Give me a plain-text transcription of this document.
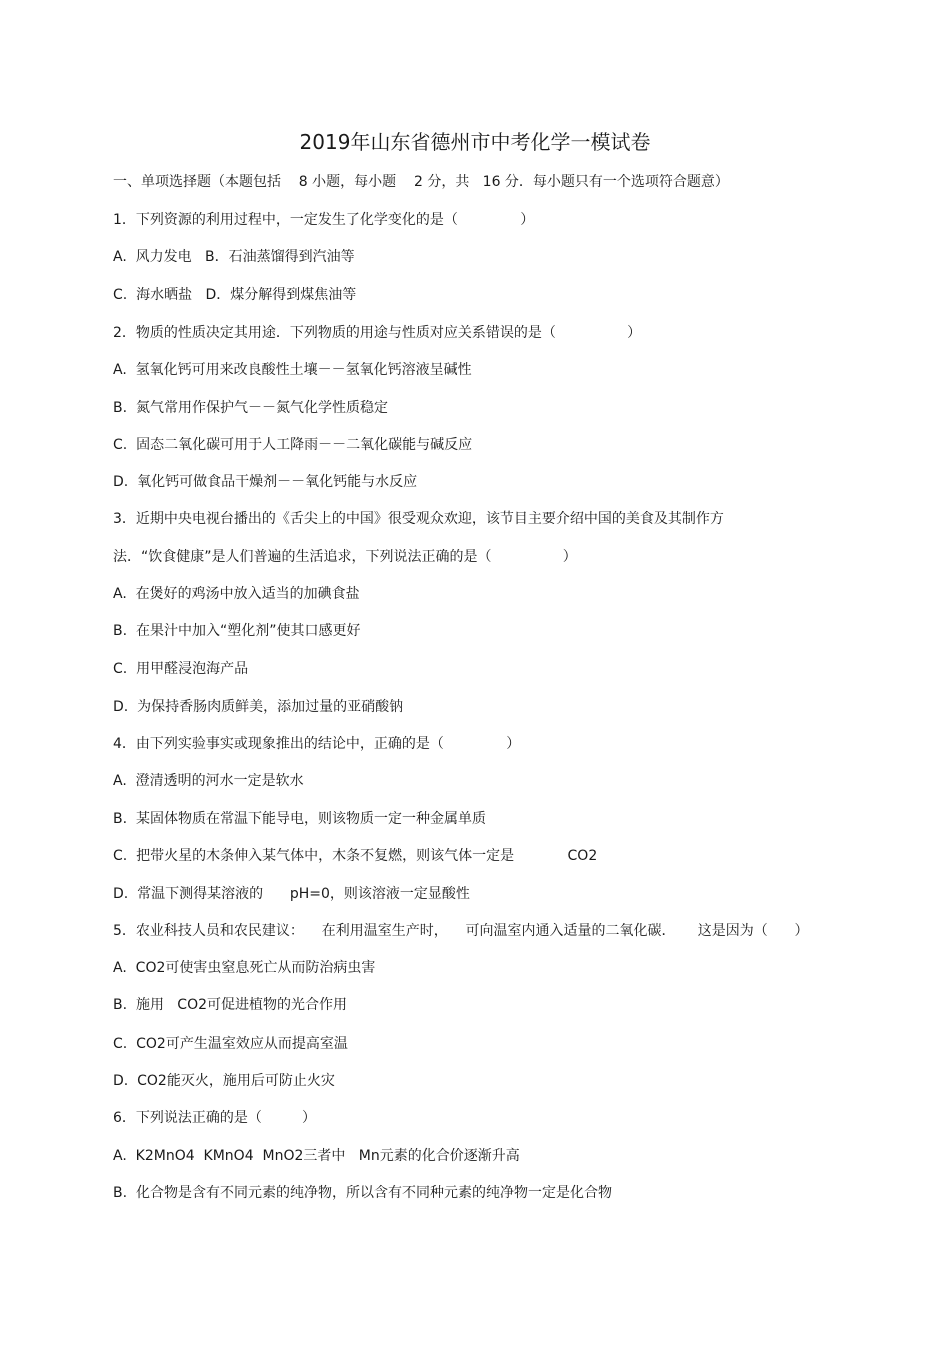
2019年山东省德州市中考化学一模试卷
一、单项选择题（本题包括    8 小题，每小题    2 分，共   16 分．每小题只有一个选项符合题意）
1．下列资源的利用过程中，一定发生了化学变化的是（              ）
A.  风力发电   B．石油蒸馏得到汽油等
C.  海水晒盐   D．煤分解得到煤焦油等
2．物质的性质决定其用途．下列物质的用途与性质对应关系错误的是（                ）
A.  氢氧化钙可用来改良酸性土壤－－氢氧化钙溶液呈碱性
B.  氮气常用作保护气－－氮气化学性质稳定
C.  固态二氧化碳可用于人工降雨－－二氧化碳能与碱反应
D.  氧化钙可做食品干燥剂－－氧化钙能与水反应
3．近期中央电视台播出的《舌尖上的中国》很受观众欢迎，该节目主要介绍中国的美食及其制作方
法．“饮食健康”是人们普遍的生活追求，下列说法正确的是（                ）
A.  在煲好的鸡汤中放入适当的加碘食盐
B.  在果汁中加入“塑化剂”使其口感更好
C.  用甲醛浸泡海产品
D.  为保持香肠肉质鲜美，添加过量的亚硝酸钠
4．由下列实验事实或现象推出的结论中，正确的是（              ）
A.  澄清透明的河水一定是软水
B.  某固体物质在常温下能导电，则该物质一定一种金属单质
C.  把带火星的木条伸入某气体中，木条不复燃，则该气体一定是            CO2
D.  常温下测得某溶液的      pH=0，则该溶液一定显酸性
5．农业科技人员和农民建议：    在利用温室生产时，    可向温室内通入适量的二氧化碳．     这是因为（      ）
A.  CO2可使害虫窒息死亡从而防治病虫害
B.  施用   CO2可促进植物的光合作用
C.  CO2可产生温室效应从而提高室温
D.  CO2能灭火，施用后可防止火灾
6．下列说法正确的是（         ）
A.  K2MnO4  KMnO4  MnO2三者中   Mn元素的化合价逐渐升高
B.  化合物是含有不同元素的纯净物，所以含有不同种元素的纯净物一定是化合物
